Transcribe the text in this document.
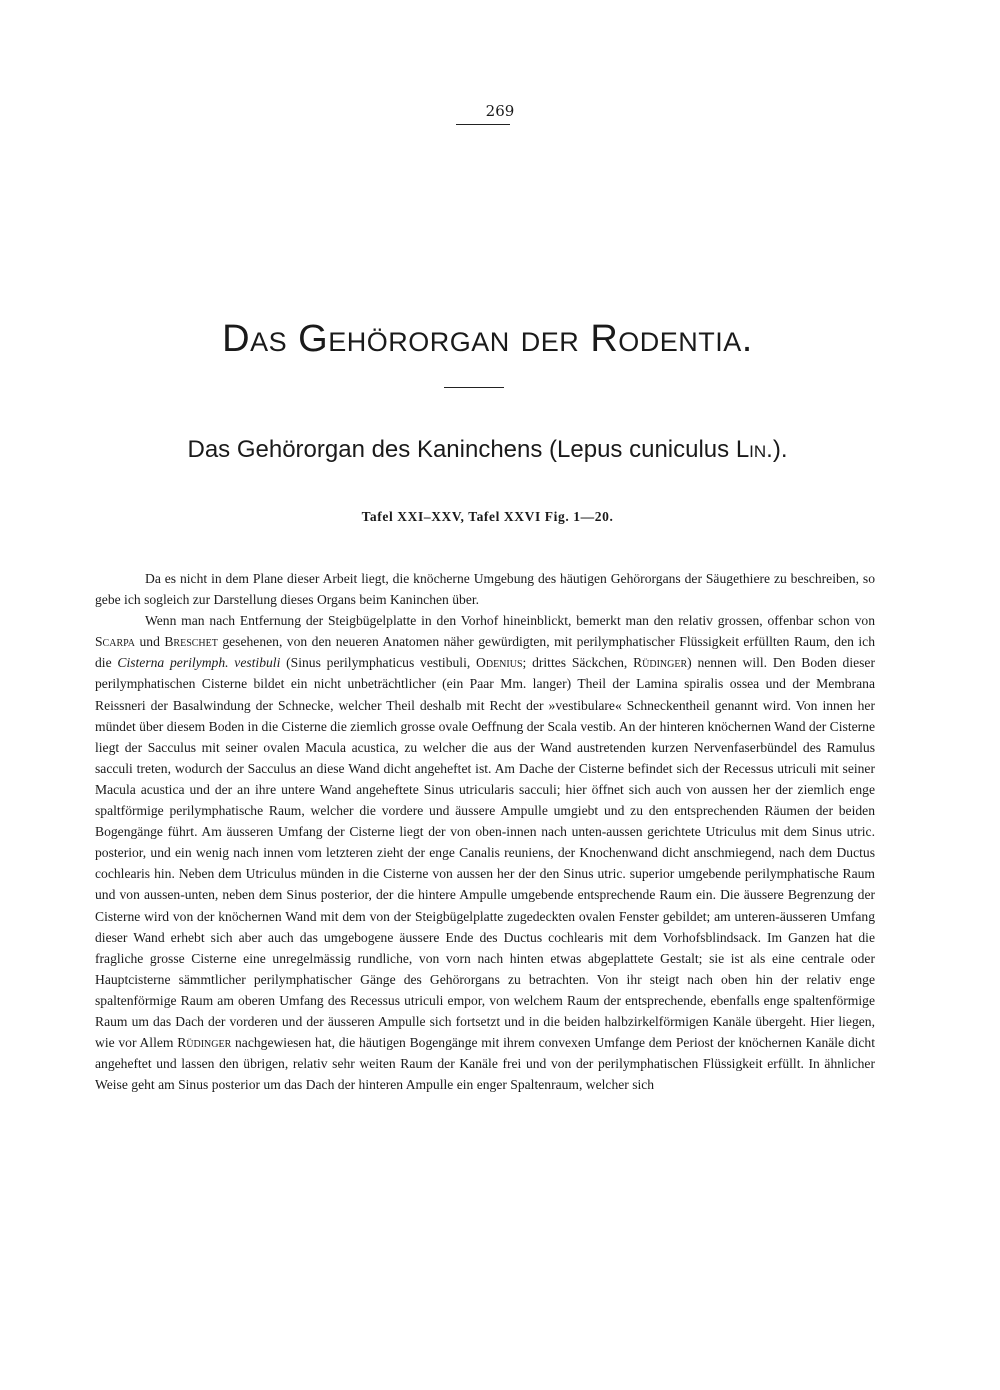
269
Das Gehörorgan der Rodentia.
Das Gehörorgan des Kaninchens (Lepus cuniculus Lin.).
Tafel XXI–XXV, Tafel XXVI Fig. 1—20.

Da es nicht in dem Plane dieser Arbeit liegt, die knöcherne Umgebung des häutigen Gehörorgans der Säugethiere zu beschreiben, so gebe ich sogleich zur Darstellung dieses Organs beim Kaninchen über.

Wenn man nach Entfernung der Steigbügelplatte in den Vorhof hineinblickt, bemerkt man den relativ grossen, offenbar schon von Scarpa und Breschet gesehenen, von den neueren Anatomen näher gewürdigten, mit perilymphatischer Flüssigkeit erfüllten Raum, den ich die Cisterna perilymph. vestibuli (Sinus perilymphaticus vestibuli, Odenius; drittes Säckchen, Rüdinger) nennen will. Den Boden dieser perilymphatischen Cisterne bildet ein nicht unbeträchtlicher (ein Paar Mm. langer) Theil der Lamina spiralis ossea und der Membrana Reissneri der Basalwindung der Schnecke, welcher Theil deshalb mit Recht der »vestibulare« Schneckentheil genannt wird. Von innen her mündet über diesem Boden in die Cisterne die ziemlich grosse ovale Oeffnung der Scala vestib. An der hinteren knöchernen Wand der Cisterne liegt der Sacculus mit seiner ovalen Macula acustica, zu welcher die aus der Wand austretenden kurzen Nervenfaserbündel des Ramulus sacculi treten, wodurch der Sacculus an diese Wand dicht angeheftet ist. Am Dache der Cisterne befindet sich der Recessus utriculi mit seiner Macula acustica und der an ihre untere Wand angeheftete Sinus utricularis sacculi; hier öffnet sich auch von aussen her der ziemlich enge spaltförmige perilymphatische Raum, welcher die vordere und äussere Ampulle umgiebt und zu den entsprechenden Räumen der beiden Bogengänge führt. Am äusseren Umfang der Cisterne liegt der von oben-innen nach unten-aussen gerichtete Utriculus mit dem Sinus utric. posterior, und ein wenig nach innen vom letzteren zieht der enge Canalis reuniens, der Knochenwand dicht anschmiegend, nach dem Ductus cochlearis hin. Neben dem Utriculus münden in die Cisterne von aussen her der den Sinus utric. superior umgebende perilymphatische Raum und von aussen-unten, neben dem Sinus posterior, der die hintere Ampulle umgebende entsprechende Raum ein. Die äussere Begrenzung der Cisterne wird von der knöchernen Wand mit dem von der Steigbügelplatte zugedeckten ovalen Fenster gebildet; am unteren-äusseren Umfang dieser Wand erhebt sich aber auch das umgebogene äussere Ende des Ductus cochlearis mit dem Vorhofsblindsack. Im Ganzen hat die fragliche grosse Cisterne eine unregelmässig rundliche, von vorn nach hinten etwas abgeplattete Gestalt; sie ist als eine centrale oder Hauptcisterne sämmtlicher perilymphatischer Gänge des Gehörorgans zu betrachten. Von ihr steigt nach oben hin der relativ enge spaltenförmige Raum am oberen Umfang des Recessus utriculi empor, von welchem Raum der entsprechende, ebenfalls enge spaltenförmige Raum um das Dach der vorderen und der äusseren Ampulle sich fortsetzt und in die beiden halbzirkelförmigen Kanäle übergeht. Hier liegen, wie vor Allem Rüdinger nachgewiesen hat, die häutigen Bogengänge mit ihrem convexen Umfange dem Periost der knöchernen Kanäle dicht angeheftet und lassen den übrigen, relativ sehr weiten Raum der Kanäle frei und von der perilymphatischen Flüssigkeit erfüllt. In ähnlicher Weise geht am Sinus posterior um das Dach der hinteren Ampulle ein enger Spaltenraum, welcher sich
